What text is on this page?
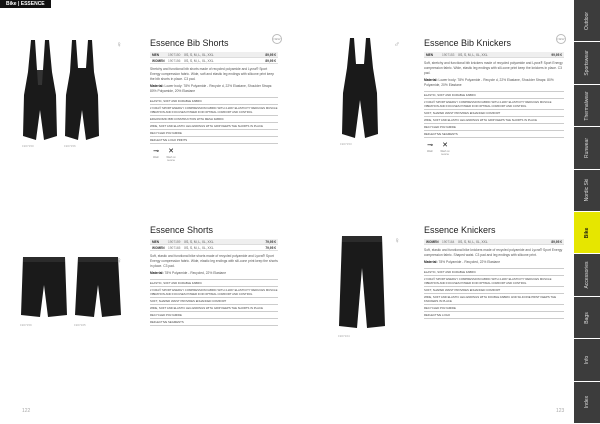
Bike | ESSENCE
Outdoor
Sportswear
Thermalwear
Runwear
Nordic Ski
Bike
Accessories
Bags
Info
Index
1907150	1907156
♀	Essence Bib Shorts	NEW
MEN	1907150	XS, S, M, L, XL, XXL	89,95 €
WOMEN	1907156	XS, S, M, L, XL, XXL	89,95 €
Stretchy and functional bib shorts made of recycled polyamide and Lycra® Sport Energy compression fabric. Wide, soft and elastic leg endings with silicone print keep the bib shorts in place. C3 pad.
Material: Lower body: 78% Polyamide - Recycle d, 22% Elastane, Shoulder Straps: 80% Polyamide, 20% Elastane
ELASTIC, SOFT AND DURABLE FABRIC
LYCRA® SPORT ENERGY COMPRESSION FABRIC WITH 4-WAY ELASTICITY REDUCES MUSCLE VIBRATION AND FOCUSES POWER FOR OPTIMAL COMFORT AND CONTROL
ERGONOMIC BIB CONSTRUCTION WITH MESH FABRIC
WIDE, SOFT AND ELASTIC LEG ENDINGS WITH GRIP KEEPS THE SHORTS IN PLACE
RECYCLED POLYAMIDE
REFLECTIVE LOGO PRINTS
⊸
Wash
✕
Wash on reverse
1907153
♂	Essence Bib Knickers	NEW
MEN	1907153	XS, S, M, L, XL, XXL	99,95 €
Soft, stretchy and functional bib knickers made of recycled polyamide and Lycra® Sport Energy compression fabric. Wide, elastic leg endings with sili-cone print keep the knickers in place. C3 pad.
Material: Lower body: 78% Polyamide - Recycle d, 22% Elastane, Shoulder Straps: 80% Polyamide, 20% Elastane
ELASTIC, SOFT AND DURABLE FABRIC
LYCRA® SPORT ENERGY COMPRESSION FABRIC WITH 4-WAY ELASTICITY REDUCES MUSCLE VIBRATION AND FOCUSES POWER FOR OPTIMAL COMFORT AND CONTROL
SOFT, SHAPED WAIST PROVIDES ENHANCED COMFORT
WIDE, SOFT AND ELASTIC LEG ENDINGS WITH GRIP KEEPS THE SHORTS IN PLACE
RECYCLED POLYAMIDE
REFLECTIVE SEGMENTS
⊸
Wash
✕
Wash on reverse
1907159	1907165
♀
Essence Shorts
MEN	1907159	XS, S, M, L, XL, XXL	79,95 €
WOMEN	1907165	XS, S, M, L, XL, XXL	79,95 €
Soft, elastic and functional bike shorts made of recycled polyamide and Lycra® Sport Energy compression fabric. Wide, elastic leg endings with sili-cone print keep the shorts in place. C3 pad.
Material: 78% Polyamide - Recycled, 22% Elastane
ELASTIC, SOFT AND DURABLE FABRIC
LYCRA® SPORT ENERGY COMPRESSION FABRIC WITH 4-WAY ELASTICITY REDUCES MUSCLE VIBRATION AND FOCUSES POWER FOR OPTIMAL COMFORT AND CONTROL
SOFT, SHAPED WAIST PROVIDES ENHANCED COMFORT
WIDE, SOFT AND ELASTIC LEG ENDINGS WITH GRIP KEEPS THE SHORTS IN PLACE
RECYCLED POLYAMIDE
REFLECTIVE SEGMENTS
1907164
♀
Essence Knickers
WOMEN	1907164	XS, S, M, L, XL, XXL	89,95 €
Soft, elastic and functional bike knickers made of recycled polyamide and Lycra® Sport Energy compression fabric. Shaped waist. C3 pad and leg endings with silicone print.
Material: 78% Polyamide - Recycled, 22% Elastane
ELASTIC, SOFT AND DURABLE FABRIC
LYCRA® SPORT ENERGY COMPRESSION FABRIC WITH 4-WAY ELASTICITY REDUCES MUSCLE VIBRATION AND FOCUSES POWER FOR OPTIMAL COMFORT AND CONTROL
SOFT, SHAPED WAIST PROVIDES ENHANCED COMFORT
WIDE, SOFT AND ELASTIC LEG ENDINGS WITH DOUBLE FABRIC AND SILICONE PRINT KEEPS THE KNICKERS IN PLACE
RECYCLED POLYAMIDE
REFLECTIVE LOGO
122	123
